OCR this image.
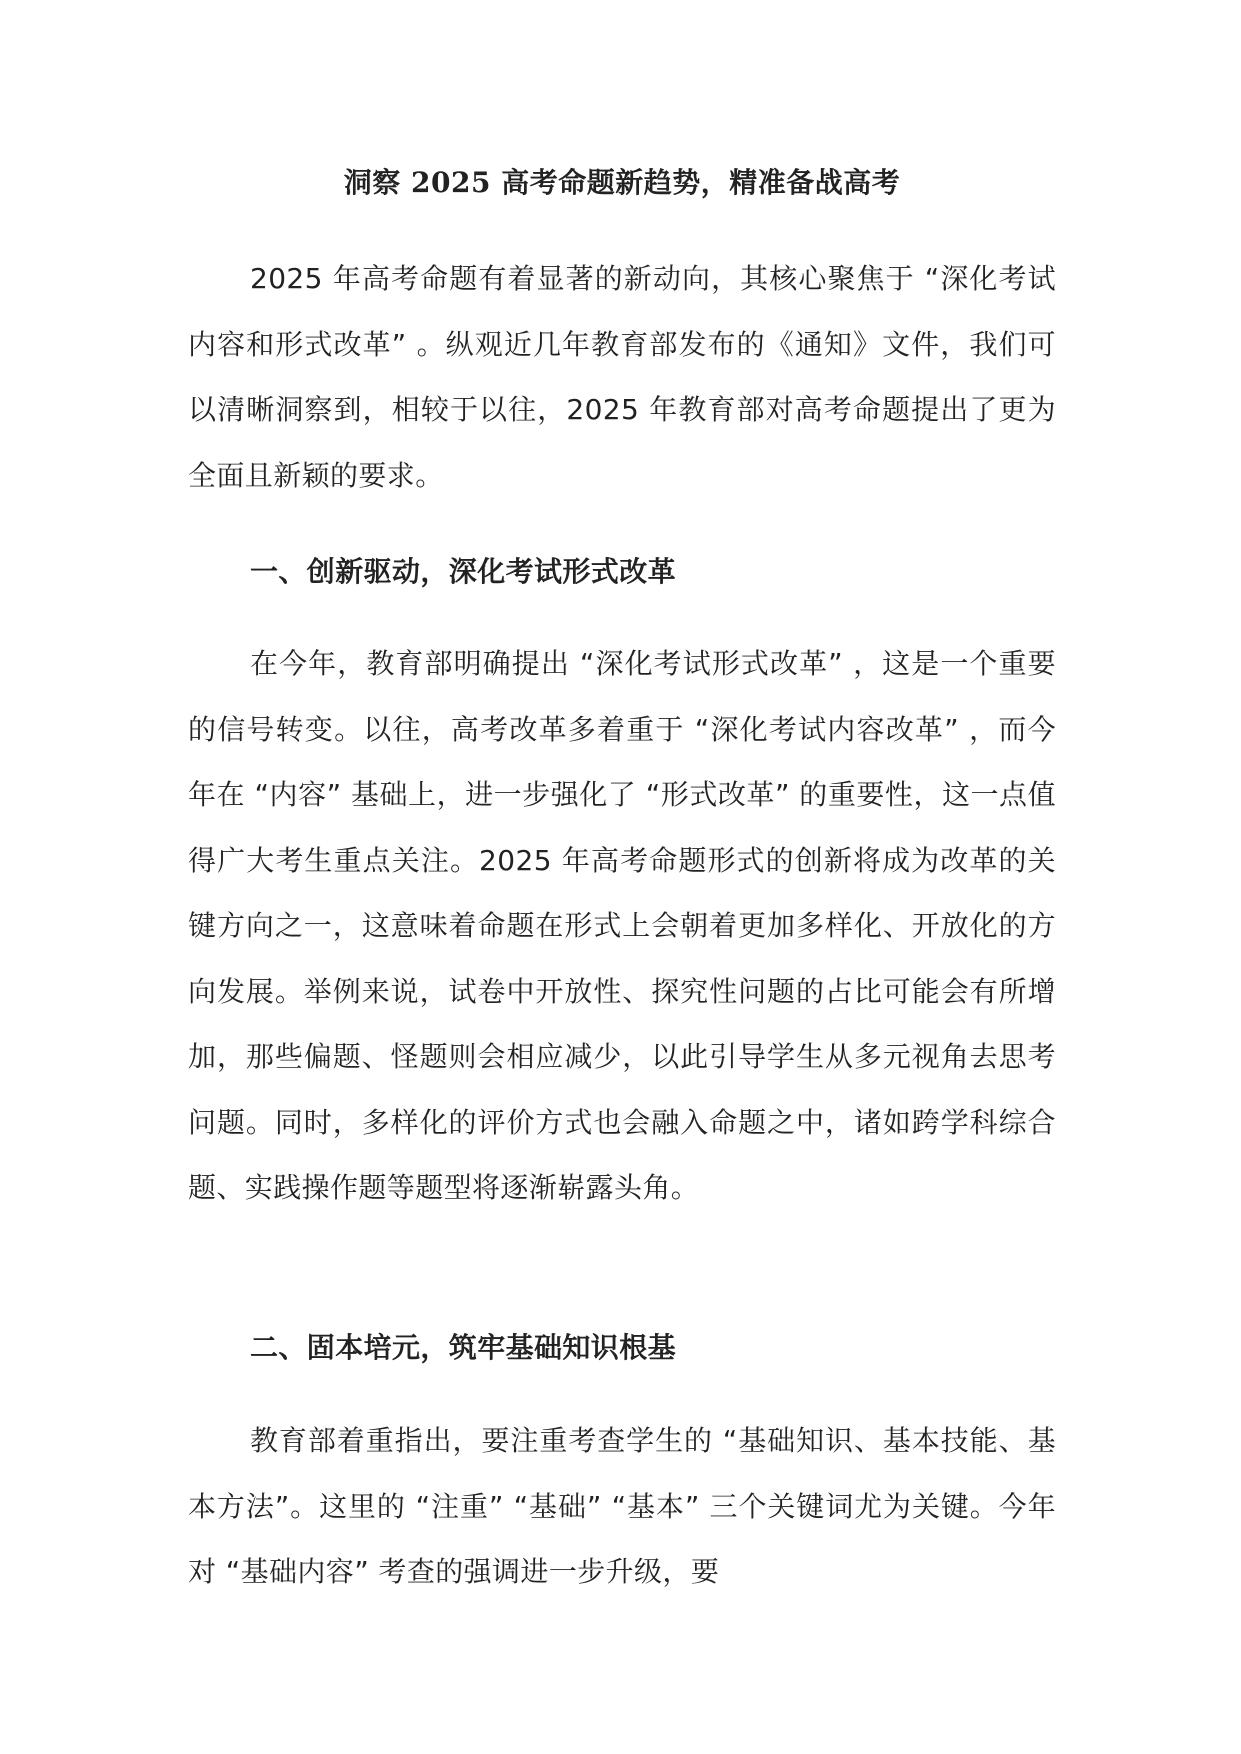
洞察 2025 高考命题新趋势，精准备战高考

2025 年高考命题有着显著的新动向，其核心聚焦于 “深化考试内容和形式改革” 。纵观近几年教育部发布的《通知》文件，我们可以清晰洞察到，相较于以往，2025 年教育部对高考命题提出了更为全面且新颖的要求。

一、创新驱动，深化考试形式改革

在今年，教育部明确提出 “深化考试形式改革” ，这是一个重要的信号转变。以往，高考改革多着重于 “深化考试内容改革” ，而今年在 “内容” 基础上，进一步强化了 “形式改革” 的重要性，这一点值得广大考生重点关注。2025 年高考命题形式的创新将成为改革的关键方向之一，这意味着命题在形式上会朝着更加多样化、开放化的方向发展。举例来说，试卷中开放性、探究性问题的占比可能会有所增加，那些偏题、怪题则会相应减少，以此引导学生从多元视角去思考问题。同时，多样化的评价方式也会融入命题之中，诸如跨学科综合题、实践操作题等题型将逐渐崭露头角。

二、固本培元，筑牢基础知识根基

教育部着重指出，要注重考查学生的 “基础知识、基本技能、基本方法”。这里的 “注重” “基础” “基本” 三个关键词尤为关键。今年对 “基础内容” 考查的强调进一步升级，要
